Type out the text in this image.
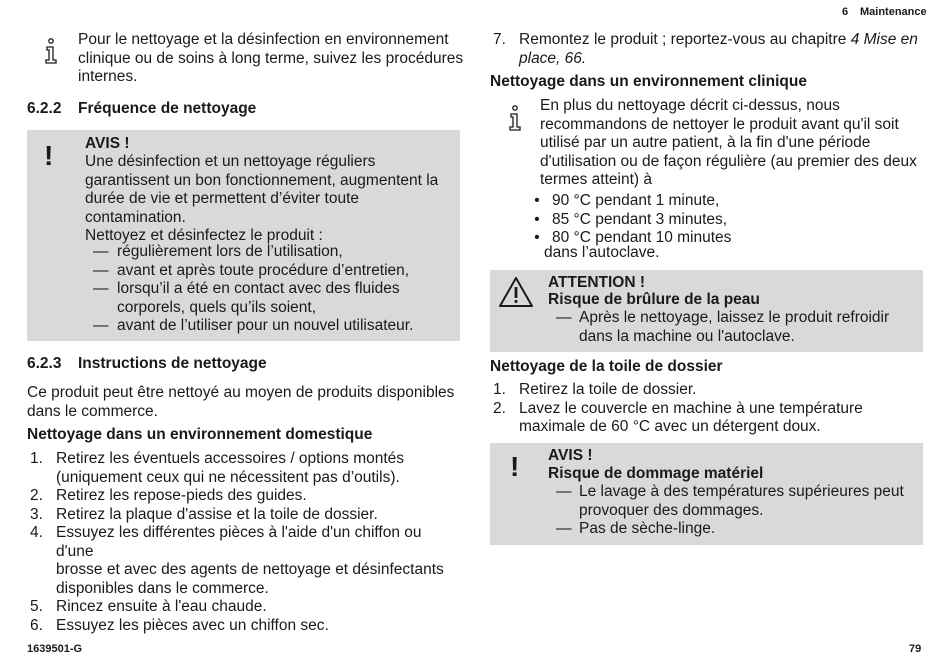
6 Maintenance
Pour le nettoyage et la désinfection en environnement
clinique ou de soins à long terme, suivez les procédures
internes.
6.2.2 Fréquence de nettoyage
! AVIS !
Une désinfection et un nettoyage réguliers
garantissent un bon fonctionnement, augmentent la
durée de vie et permettent d’éviter toute
contamination.
Nettoyez et désinfectez le produit :
— régulièrement lors de l’utilisation,
— avant et après toute procédure d’entretien,
— lorsqu’il a été en contact avec des fluides
corporels, quels qu’ils soient,
— avant de l’utiliser pour un nouvel utilisateur.
6.2.3 Instructions de nettoyage
Ce produit peut être nettoyé au moyen de produits disponibles
dans le commerce.
Nettoyage dans un environnement domestique
1. Retirez les éventuels accessoires / options montés
(uniquement ceux qui ne nécessitent pas d’outils).
2. Retirez les repose-pieds des guides.
3. Retirez la plaque d'assise et la toile de dossier.
4. Essuyez les différentes pièces à l'aide d'un chiffon ou d'une
brosse et avec des agents de nettoyage et désinfectants
disponibles dans le commerce.
5. Rincez ensuite à l'eau chaude.
6. Essuyez les pièces avec un chiffon sec.
7. Remontez le produit ; reportez-vous au chapitre 4 Mise en
place, 66.
Nettoyage dans un environnement clinique
En plus du nettoyage décrit ci-dessus, nous
recommandons de nettoyer le produit avant qu'il soit
utilisé par un autre patient, à la fin d'une période
d'utilisation ou de façon régulière (au premier des deux
termes atteint) à
• 90 °C pendant 1 minute,
• 85 °C pendant 3 minutes,
• 80 °C pendant 10 minutes
dans l’autoclave.
ATTENTION !
Risque de brûlure de la peau
— Après le nettoyage, laissez le produit refroidir
dans la machine ou l'autoclave.
Nettoyage de la toile de dossier
1. Retirez la toile de dossier.
2. Lavez le couvercle en machine à une température
maximale de 60 °C avec un détergent doux.
! AVIS !
Risque de dommage matériel
— Le lavage à des températures supérieures peut
provoquer des dommages.
— Pas de sèche-linge.
1639501-G	79
